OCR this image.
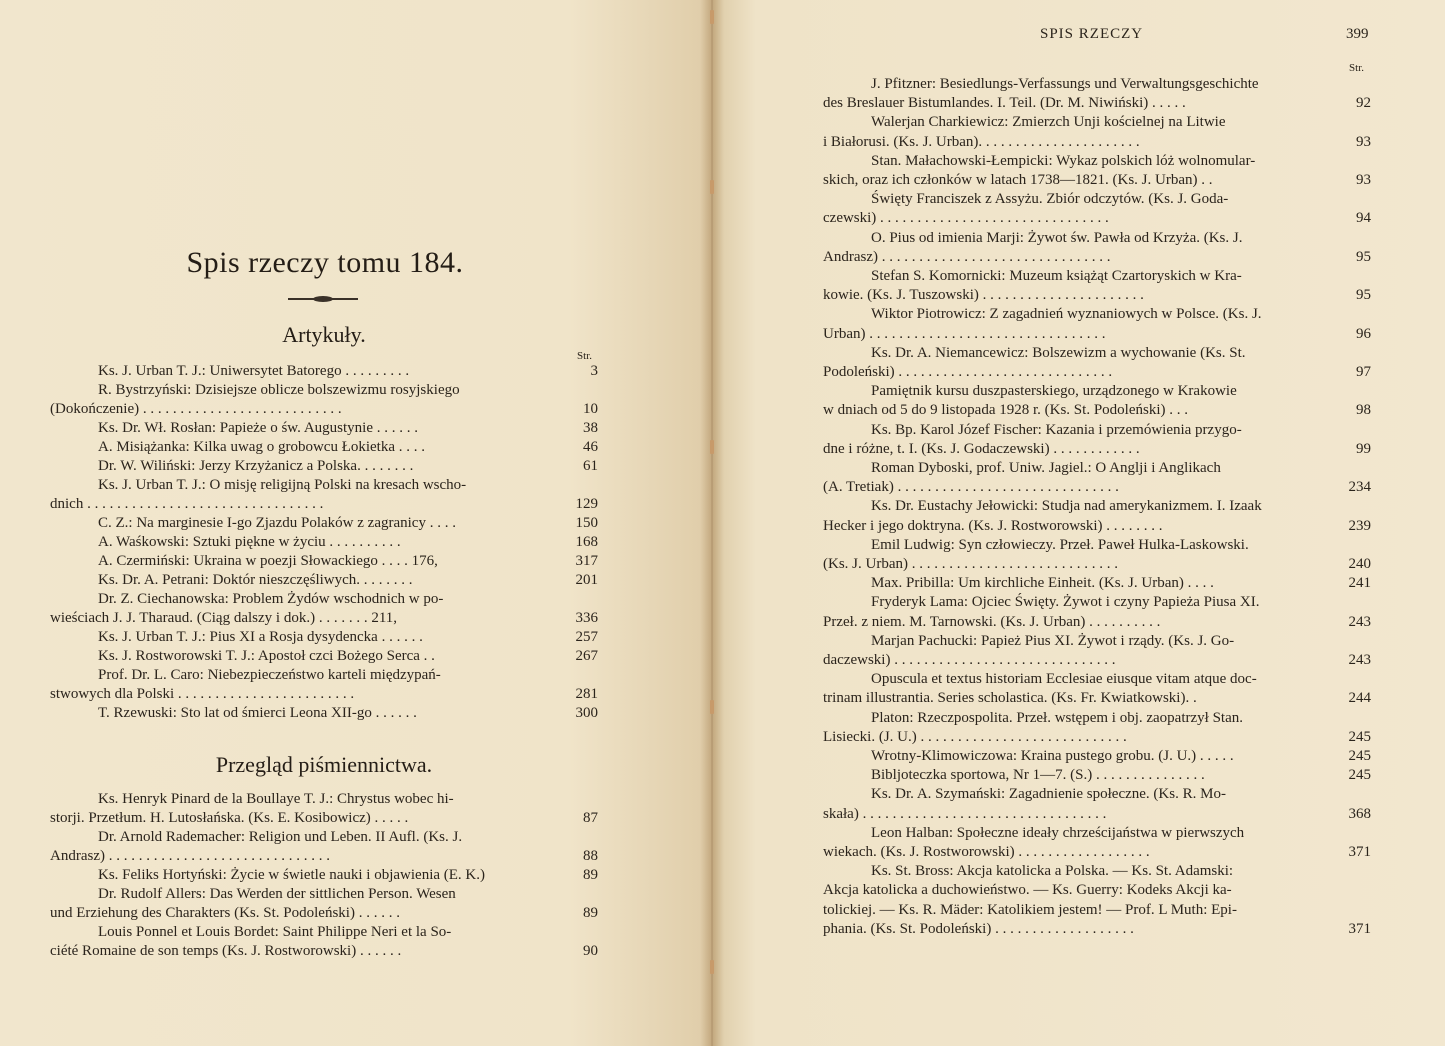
Spis rzeczy tomu 184.
Artykuły.
Str.
Przegląd piśmiennictwa.
Ks. J. Urban T. J.: Uniwersytet Batorego . . . . . . . . .	3
R. Bystrzyński: Dzisiejsze oblicze bolszewizmu rosyjskiego
(Dokończenie) . . . . . . . . . . . . . . . . . . . . . . . . . . .	10
Ks. Dr. Wł. Rosłan: Papieże o św. Augustynie . . . . . .	38
A. Misiążanka: Kilka uwag o grobowcu Łokietka . . . .	46
Dr. W. Wiliński: Jerzy Krzyżanicz a Polska. . . . . . . .	61
Ks. J. Urban T. J.: O misję religijną Polski na kresach wscho-
dnich . . . . . . . . . . . . . . . . . . . . . . . . . . . . . . . .	129
C. Z.: Na marginesie I-go Zjazdu Polaków z zagranicy . . . .	150
A. Waśkowski: Sztuki piękne w życiu . . . . . . . . . .	168
A. Czermiński: Ukraina w poezji Słowackiego . . . . 176,	317
Ks. Dr. A. Petrani: Doktór nieszczęśliwych. . . . . . . .	201
Dr. Z. Ciechanowska: Problem Żydów wschodnich w po-
wieściach J. J. Tharaud. (Ciąg dalszy i dok.) . . . . . . . 211,	336
Ks. J. Urban T. J.: Pius XI a Rosja dysydencka . . . . . .	257
Ks. J. Rostworowski T. J.: Apostoł czci Bożego Serca . .	267
Prof. Dr. L. Caro: Niebezpieczeństwo karteli międzypań-
stwowych dla Polski . . . . . . . . . . . . . . . . . . . . . . . .	281
T. Rzewuski: Sto lat od śmierci Leona XII-go . . . . . .	300
Ks. Henryk Pinard de la Boullaye T. J.: Chrystus wobec hi-
storji. Przetłum. H. Lutosłańska. (Ks. E. Kosibowicz) . . . . .	87
Dr. Arnold Rademacher: Religion und Leben. II Aufl. (Ks. J.
Andrasz) . . . . . . . . . . . . . . . . . . . . . . . . . . . . . .	88
Ks. Feliks Hortyński: Życie w świetle nauki i objawienia (E. K.)	89
Dr. Rudolf Allers: Das Werden der sittlichen Person. Wesen
und Erziehung des Charakters (Ks. St. Podoleński) . . . . . .	89
Louis Ponnel et Louis Bordet: Saint Philippe Neri et la So-
ciété Romaine de son temps (Ks. J. Rostworowski) . . . . . .	90
SPIS RZECZY	399
Str.
J. Pfitzner: Besiedlungs-Verfassungs und Verwaltungsgeschichte
des Breslauer Bistumlandes. I. Teil. (Dr. M. Niwiński) . . . . .	92
Walerjan Charkiewicz: Zmierzch Unji kościelnej na Litwie
i Białorusi. (Ks. J. Urban). . . . . . . . . . . . . . . . . . . . . .	93
Stan. Małachowski-Łempicki: Wykaz polskich lóż wolnomular-
skich, oraz ich członków w latach 1738—1821. (Ks. J. Urban) . .	93
Święty Franciszek z Assyżu. Zbiór odczytów. (Ks. J. Goda-
czewski) . . . . . . . . . . . . . . . . . . . . . . . . . . . . . . .	94
O. Pius od imienia Marji: Żywot św. Pawła od Krzyża. (Ks. J.
Andrasz) . . . . . . . . . . . . . . . . . . . . . . . . . . . . . . .	95
Stefan S. Komornicki: Muzeum książąt Czartoryskich w Kra-
kowie. (Ks. J. Tuszowski) . . . . . . . . . . . . . . . . . . . . . .	95
Wiktor Piotrowicz: Z zagadnień wyznaniowych w Polsce. (Ks. J.
Urban) . . . . . . . . . . . . . . . . . . . . . . . . . . . . . . . .	96
Ks. Dr. A. Niemancewicz: Bolszewizm a wychowanie (Ks. St.
Podoleński) . . . . . . . . . . . . . . . . . . . . . . . . . . . . .	97
Pamiętnik kursu duszpasterskiego, urządzonego w Krakowie
w dniach od 5 do 9 listopada 1928 r. (Ks. St. Podoleński) . . .	98
Ks. Bp. Karol Józef Fischer: Kazania i przemówienia przygo-
dne i różne, t. I. (Ks. J. Godaczewski) . . . . . . . . . . . .	99
Roman Dyboski, prof. Uniw. Jagiel.: O Anglji i Anglikach
(A. Tretiak) . . . . . . . . . . . . . . . . . . . . . . . . . . . . . .	234
Ks. Dr. Eustachy Jełowicki: Studja nad amerykanizmem. I. Izaak
Hecker i jego doktryna. (Ks. J. Rostworowski) . . . . . . . .	239
Emil Ludwig: Syn człowieczy. Przeł. Paweł Hulka-Laskowski.
(Ks. J. Urban) . . . . . . . . . . . . . . . . . . . . . . . . . . . .	240
Max. Pribilla: Um kirchliche Einheit. (Ks. J. Urban) . . . .	241
Fryderyk Lama: Ojciec Święty. Żywot i czyny Papieża Piusa XI.
Przeł. z niem. M. Tarnowski. (Ks. J. Urban) . . . . . . . . . .	243
Marjan Pachucki: Papież Pius XI. Żywot i rządy. (Ks. J. Go-
daczewski) . . . . . . . . . . . . . . . . . . . . . . . . . . . . . .	243
Opuscula et textus historiam Ecclesiae eiusque vitam atque doc-
trinam illustrantia. Series scholastica. (Ks. Fr. Kwiatkowski). .	244
Platon: Rzeczpospolita. Przeł. wstępem i obj. zaopatrzył Stan.
Lisiecki. (J. U.) . . . . . . . . . . . . . . . . . . . . . . . . . . . .	245
Wrotny-Klimowiczowa: Kraina pustego grobu. (J. U.) . . . . .	245
Bibljoteczka sportowa, Nr 1—7. (S.) . . . . . . . . . . . . . . .	245
Ks. Dr. A. Szymański: Zagadnienie społeczne. (Ks. R. Mo-
skała) . . . . . . . . . . . . . . . . . . . . . . . . . . . . . . . . .	368
Leon Halban: Społeczne ideały chrześcijaństwa w pierwszych
wiekach. (Ks. J. Rostworowski) . . . . . . . . . . . . . . . . . .	371
Ks. St. Bross: Akcja katolicka a Polska. — Ks. St. Adamski:
Akcja katolicka a duchowieństwo. — Ks. Guerry: Kodeks Akcji ka-
tolickiej. — Ks. R. Mäder: Katolikiem jestem! — Prof. L Muth: Epi-
phania. (Ks. St. Podoleński) . . . . . . . . . . . . . . . . . . .	371
